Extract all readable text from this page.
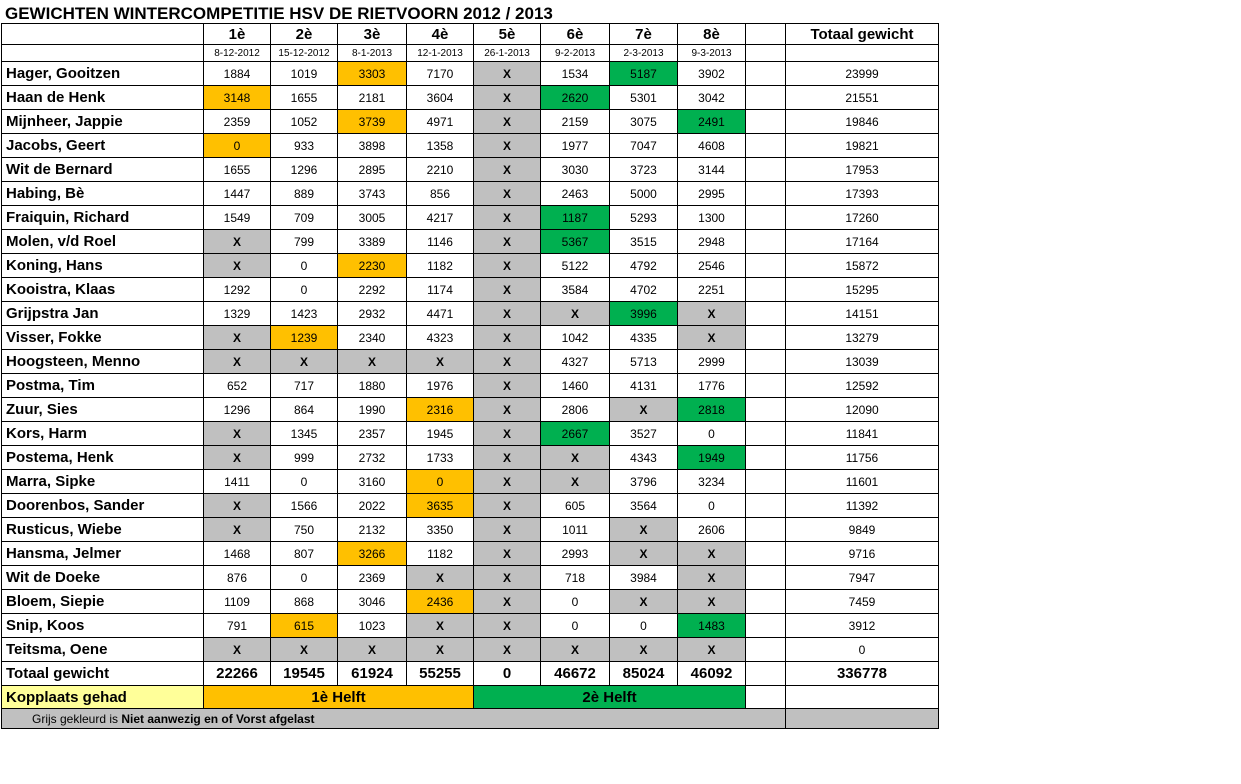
GEWICHTEN WINTERCOMPETITIE HSV DE RIETVOORN 2012 / 2013
	1è	2è	3è	4è	5è	6è	7è	8è		Totaal gewicht
	8-12-2012	15-12-2012	8-1-2013	12-1-2013	26-1-2013	9-2-2013	2-3-2013	9-3-2013		
Hager, Gooitzen	1884	1019	3303	7170	X	1534	5187	3902		23999
Haan de Henk	3148	1655	2181	3604	X	2620	5301	3042		21551
Mijnheer, Jappie	2359	1052	3739	4971	X	2159	3075	2491		19846
Jacobs, Geert	0	933	3898	1358	X	1977	7047	4608		19821
Wit de Bernard	1655	1296	2895	2210	X	3030	3723	3144		17953
Habing, Bè	1447	889	3743	856	X	2463	5000	2995		17393
Fraiquin, Richard	1549	709	3005	4217	X	1187	5293	1300		17260
Molen, v/d Roel	X	799	3389	1146	X	5367	3515	2948		17164
Koning, Hans	X	0	2230	1182	X	5122	4792	2546		15872
Kooistra, Klaas	1292	0	2292	1174	X	3584	4702	2251		15295
Grijpstra Jan	1329	1423	2932	4471	X	X	3996	X		14151
Visser, Fokke	X	1239	2340	4323	X	1042	4335	X		13279
Hoogsteen, Menno	X	X	X	X	X	4327	5713	2999		13039
Postma, Tim	652	717	1880	1976	X	1460	4131	1776		12592
Zuur, Sies	1296	864	1990	2316	X	2806	X	2818		12090
Kors, Harm	X	1345	2357	1945	X	2667	3527	0		11841
Postema, Henk	X	999	2732	1733	X	X	4343	1949		11756
Marra, Sipke	1411	0	3160	0	X	X	3796	3234		11601
Doorenbos, Sander	X	1566	2022	3635	X	605	3564	0		11392
Rusticus, Wiebe	X	750	2132	3350	X	1011	X	2606		9849
Hansma, Jelmer	1468	807	3266	1182	X	2993	X	X		9716
Wit de Doeke	876	0	2369	X	X	718	3984	X		7947
Bloem, Siepie	1109	868	3046	2436	X	0	X	X		7459
Snip, Koos	791	615	1023	X	X	0	0	1483		3912
Teitsma, Oene	X	X	X	X	X	X	X	X		0
Totaal gewicht	22266	19545	61924	55255	0	46672	85024	46092		336778
Kopplaats gehad	1è Helft				2è Helft					
Grijs gekleurd is Niet aanwezig en of Vorst afgelast										
